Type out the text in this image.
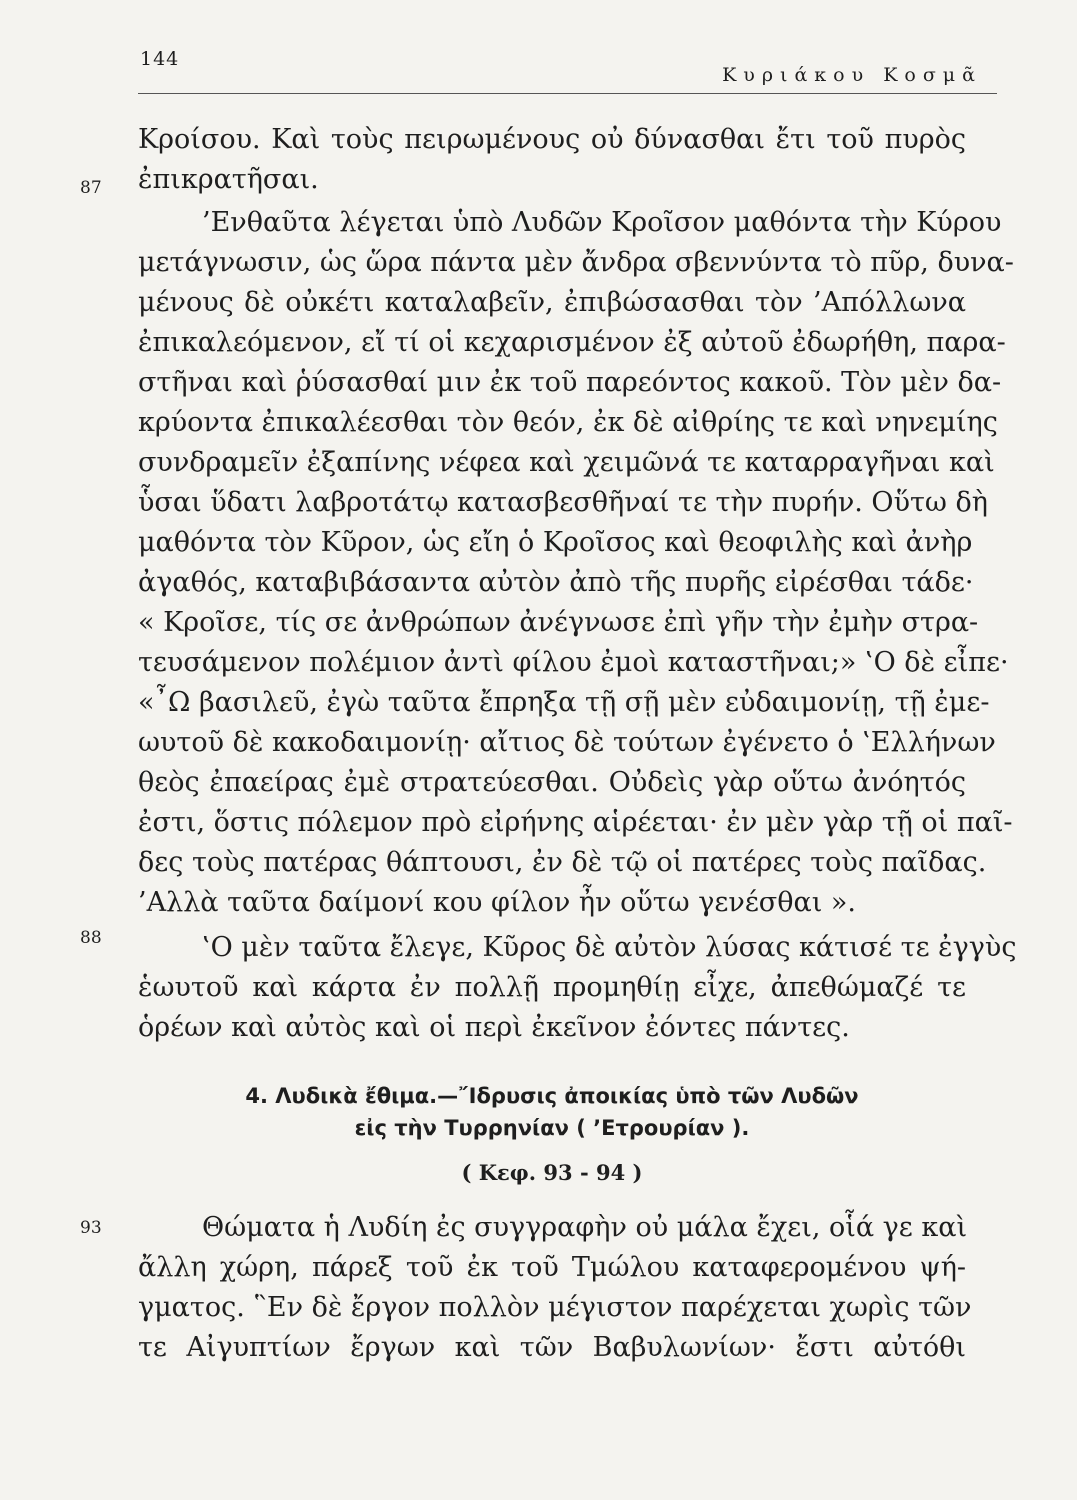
144
Κυριάκου Κοσμᾶ
Κροίσου. Καὶ τοὺς πειρωμένους οὐ δύνασθαι ἔτι τοῦ πυρὸς
ἐπικρατῆσαι.
87
’Ενθαῦτα λέγεται ὑπὸ Λυδῶν Κροῖσον μαθόντα τὴν Κύρου
μετάγνωσιν, ὡς ὥρα πάντα μὲν ἄνδρα σβεννύντα τὸ πῦρ, δυνα-
μένους δὲ οὐκέτι καταλαβεῖν, ἐπιβώσασθαι τὸν ’Απόλλωνα
ἐπικαλεόμενον, εἴ τί οἱ κεχαρισμένον ἐξ αὐτοῦ ἐδωρήθη, παρα-
στῆναι καὶ ῥύσασθαί μιν ἐκ τοῦ παρεόντος κακοῦ. Τὸν μὲν δα-
κρύοντα ἐπικαλέεσθαι τὸν θεόν, ἐκ δὲ αἰθρίης τε καὶ νηνεμίης
συνδραμεῖν ἐξαπίνης νέφεα καὶ χειμῶνά τε καταρραγῆναι καὶ
ὗσαι ὕδατι λαβροτάτῳ κατασβεσθῆναί τε τὴν πυρήν. Οὕτω δὴ
μαθόντα τὸν Κῦρον, ὡς εἴη ὁ Κροῖσος καὶ θεοφιλὴς καὶ ἀνὴρ
ἀγαθός, καταβιβάσαντα αὐτὸν ἀπὸ τῆς πυρῆς εἰρέσθαι τάδε·
« Κροῖσε, τίς σε ἀνθρώπων ἀνέγνωσε ἐπὶ γῆν τὴν ἐμὴν στρα-
τευσάμενον πολέμιον ἀντὶ φίλου ἐμοὶ καταστῆναι;» ‛Ο δὲ εἶπε·
«῏Ω βασιλεῦ, ἐγὼ ταῦτα ἔπρηξα τῇ σῇ μὲν εὐδαιμονίῃ, τῇ ἐμε-
ωυτοῦ δὲ κακοδαιμονίῃ· αἴτιος δὲ τούτων ἐγένετο ὁ ‛Ελλήνων
θεὸς ἐπαείρας ἐμὲ στρατεύεσθαι. Οὐδεὶς γὰρ οὕτω ἀνόητός
ἐστι, ὅστις πόλεμον πρὸ εἰρήνης αἱρέεται· ἐν μὲν γὰρ τῇ οἱ παῖ-
δες τοὺς πατέρας θάπτουσι, ἐν δὲ τῷ οἱ πατέρες τοὺς παῖδας.
’Αλλὰ ταῦτα δαίμονί κου φίλον ἦν οὕτω γενέσθαι ».
88	‛Ο μὲν ταῦτα ἔλεγε, Κῦρος δὲ αὐτὸν λύσας κάτισέ τε ἐγγὺς
ἑωυτοῦ καὶ κάρτα ἐν πολλῇ προμηθίῃ εἶχε, ἀπεθώμαζέ τε
ὁρέων καὶ αὐτὸς καὶ οἱ περὶ ἐκεῖνον ἐόντες πάντες.
4. Λυδικὰ ἔθιμα.—῎Ιδρυσις ἀποικίας ὑπὸ τῶν Λυδῶν
εἰς τὴν Τυρρηνίαν ( ’Ετρουρίαν ).
( Κεφ. 93 - 94 )
93	Θώματα ἡ Λυδίη ἐς συγγραφὴν οὐ μάλα ἔχει, οἷά γε καὶ
ἄλλη χώρη, πάρεξ τοῦ ἐκ τοῦ Τμώλου καταφερομένου ψή-
γματος. ῝Εν δὲ ἔργον πολλὸν μέγιστον παρέχεται χωρὶς τῶν
τε Αἰγυπτίων ἔργων καὶ τῶν Βαβυλωνίων· ἔστι αὐτόθι
